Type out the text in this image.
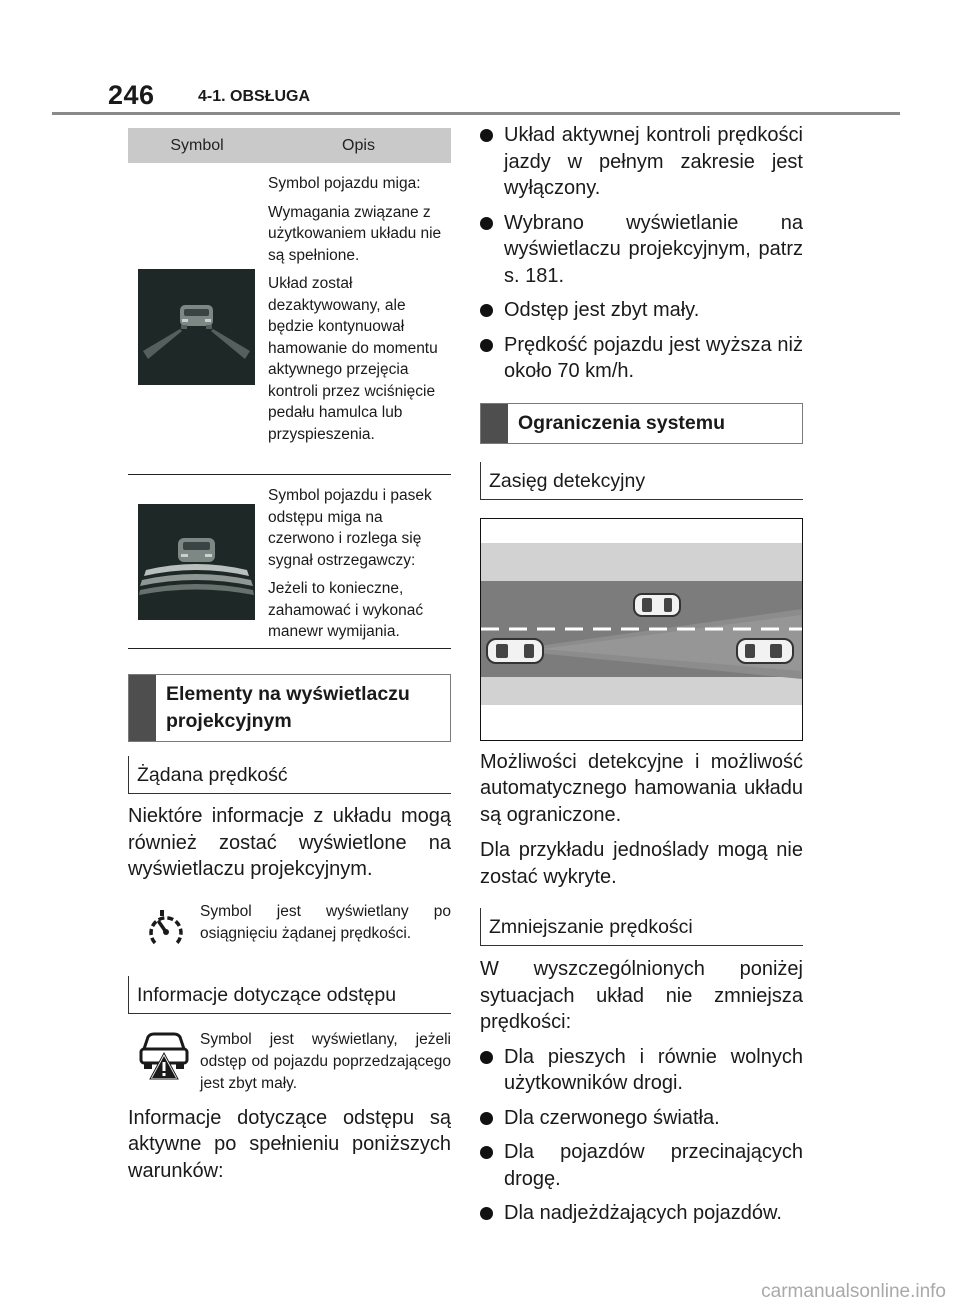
246	4-1. OBSŁUGA
Symbol	Opis

Symbol pojazdu miga:

Wymagania związane z użytkowaniem układu nie są spełnione.

Układ został dezaktywowany, ale będzie kontynuował hamowanie do momentu aktywnego przejęcia kontroli przez wciśnięcie pedału hamulca lub przyspieszenia.

Symbol pojazdu i pasek odstępu miga na czerwono i rozlega się sygnał ostrzegawczy:

Jeżeli to konieczne, zahamować i wykonać manewr wymijania.

Elementy na wyświetlaczu projekcyjnym
Żądana prędkość

Niektóre informacje z układu mogą również zostać wyświetlone na wyświetlaczu projekcyjnym.

Symbol jest wyświetlany po osiągnięciu żądanej prędkości.

Informacje dotyczące odstępu

Symbol jest wyświetlany, jeżeli odstęp od pojazdu poprzedzającego jest zbyt mały.

Informacje dotyczące odstępu są aktywne po spełnieniu poniższych warunków:

Układ aktywnej kontroli prędkości jazdy w pełnym zakresie jest wyłączony.
Wybrano wyświetlanie na wyświetlaczu projekcyjnym, patrz s. 181.
Odstęp jest zbyt mały.
Prędkość pojazdu jest wyższa niż około 70 km/h.
Ograniczenia systemu
Zasięg detekcyjny

Możliwości detekcyjne i możliwość automatycznego hamowania układu są ograniczone.

Dla przykładu jednoślady mogą nie zostać wykryte.

Zmniejszanie prędkości

W wyszczególnionych poniżej sytuacjach układ nie zmniejsza prędkości:

Dla pieszych i równie wolnych użytkowników drogi.
Dla czerwonego światła.
Dla pojazdów przecinających drogę.
Dla nadjeżdżających pojazdów.
carmanualsonline.info
